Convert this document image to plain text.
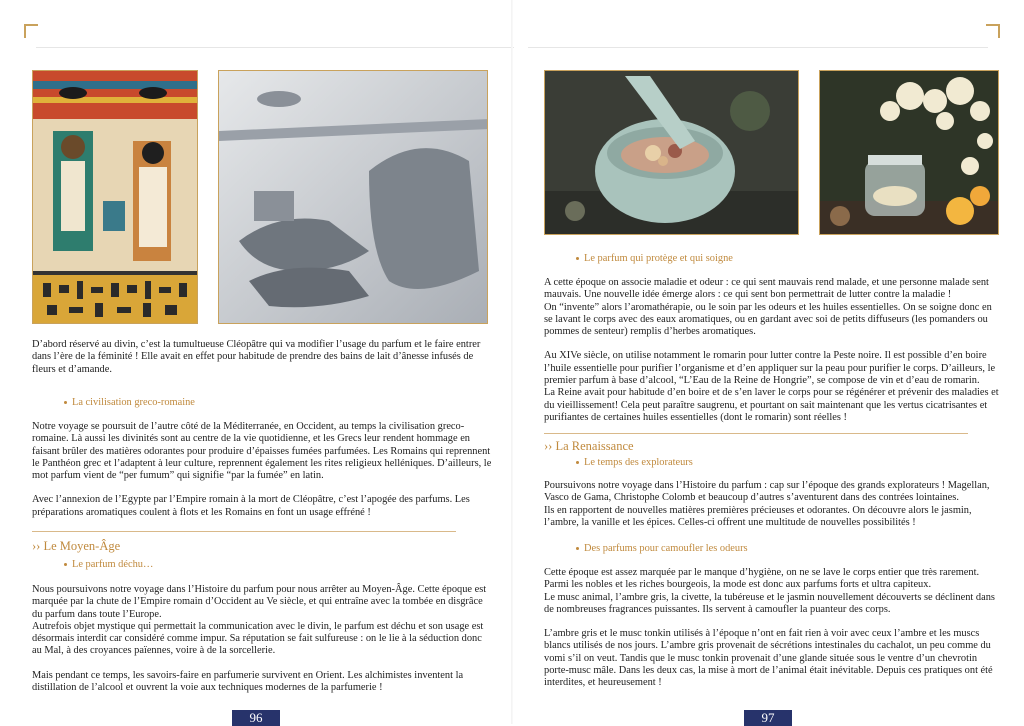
D’abord réservé au divin, c’est la tumultueuse Cléopâtre qui va modifier l’usage du parfum et le faire entrer dans l’ère de la féminité ! Elle avait en effet pour habitude de prendre des bains de lait d’ânesse infusés de fleurs et d’amande.

La civilisation greco-romaine

Notre voyage se poursuit de l’autre côté de la Méditerranée, en Occident, au temps la civilisation greco-romaine. Là aussi les divinités sont au centre de la vie quotidienne, et les Grecs leur rendent hommage en faisant brûler des matières odorantes pour produire d’épaisses fumées parfumées. Les Romains qui reprennent le Panthéon grec et l’adaptent à leur culture, reprennent également les rites religieux helléniques. D’ailleurs, le mot parfum vient de “per fumum” qui signifie “par la fumée” en latin.

Avec l’annexion de l’Egypte par l’Empire romain à la mort de Cléopâtre, c’est l’apogée des parfums. Les préparations aromatiques coulent à flots et les Romains en font un usage effréné !

›› Le Moyen-Âge
Le parfum déchu…

Nous poursuivons notre voyage dans l’Histoire du parfum pour nous arrêter au Moyen-Âge. Cette époque est marquée par la chute de l’Empire romain d’Occident au Ve siècle, et qui entraîne avec la tombée en disgrâce du parfum dans toute l’Europe.

Autrefois objet mystique qui permettait la communication avec le divin, le parfum est déchu et son usage est désormais interdit car considéré comme impur. Sa réputation se fait sulfureuse : on le lie à la séduction donc au Mal, à des croyances païennes, voire à de la sorcellerie.

Mais pendant ce temps, les savoirs-faire en parfumerie survivent en Orient. Les alchimistes inventent la distillation de l’alcool et ouvrent la voie aux techniques modernes de la parfumerie !

96
Le parfum qui protège et qui soigne

A cette époque on associe maladie et odeur : ce qui sent mauvais rend malade, et une personne malade sent mauvais. Une nouvelle idée émerge alors : ce qui sent bon permettrait de lutter contre la maladie !

On “invente” alors l’aromathérapie, ou le soin par les odeurs et les huiles essentielles. On se soigne donc en se lavant le corps avec des eaux aromatiques, ou en gardant avec soi de petits diffuseurs (les pomanders ou pommes de senteur) remplis d’herbes aromatiques.

Au XIVe siècle, on utilise notamment le romarin pour lutter contre la Peste noire. Il est possible d’en boire l’huile essentielle pour purifier l’organisme et d’en appliquer sur la peau pour purifier le corps. D’ailleurs, le premier parfum à base d’alcool, “L’Eau de la Reine de Hongrie”, se compose de vin et d’eau de romarin.

La Reine avait pour habitude d’en boire et de s’en laver le corps pour se régénérer et prévenir des maladies et du vieillissement! Cela peut paraître saugrenu, et pourtant on sait maintenant que les vertus cicatrisantes et purifiantes de certaines huiles essentielles (dont le romarin) sont réelles !

›› La Renaissance
Le temps des explorateurs

Poursuivons notre voyage dans l’Histoire du parfum : cap sur l’époque des grands explorateurs ! Magellan, Vasco de Gama, Christophe Colomb et beaucoup d’autres s’aventurent dans des contrées lointaines.

Ils en rapportent de nouvelles matières premières précieuses et odorantes. On découvre alors le jasmin, l’ambre, la vanille et les épices. Celles-ci offrent une multitude de nouvelles possibilités !

Des parfums pour camoufler les odeurs

Cette époque est assez marquée par le manque d’hygiène, on ne se lave le corps entier que très rarement. Parmi les nobles et les riches bourgeois, la mode est donc aux parfums forts et ultra capiteux.

Le musc animal, l’ambre gris, la civette, la tubéreuse et le jasmin nouvellement découverts se déclinent dans de nombreuses fragrances puissantes. Ils servent à camoufler la puanteur des corps.

L’ambre gris et le musc tonkin utilisés à l’époque n’ont en fait rien à voir avec ceux l’ambre et les muscs blancs utilisés de nos jours. L’ambre gris provenait de sécrétions intestinales du cachalot, un peu comme du vomi s’il on veut. Tandis que le musc tonkin provenait d’une glande située sous le ventre d’un chevrotin porte-musc mâle. Dans les deux cas, la mise à mort de l’animal était inévitable. Depuis ces pratiques ont été interdites, et heureusement !

97
